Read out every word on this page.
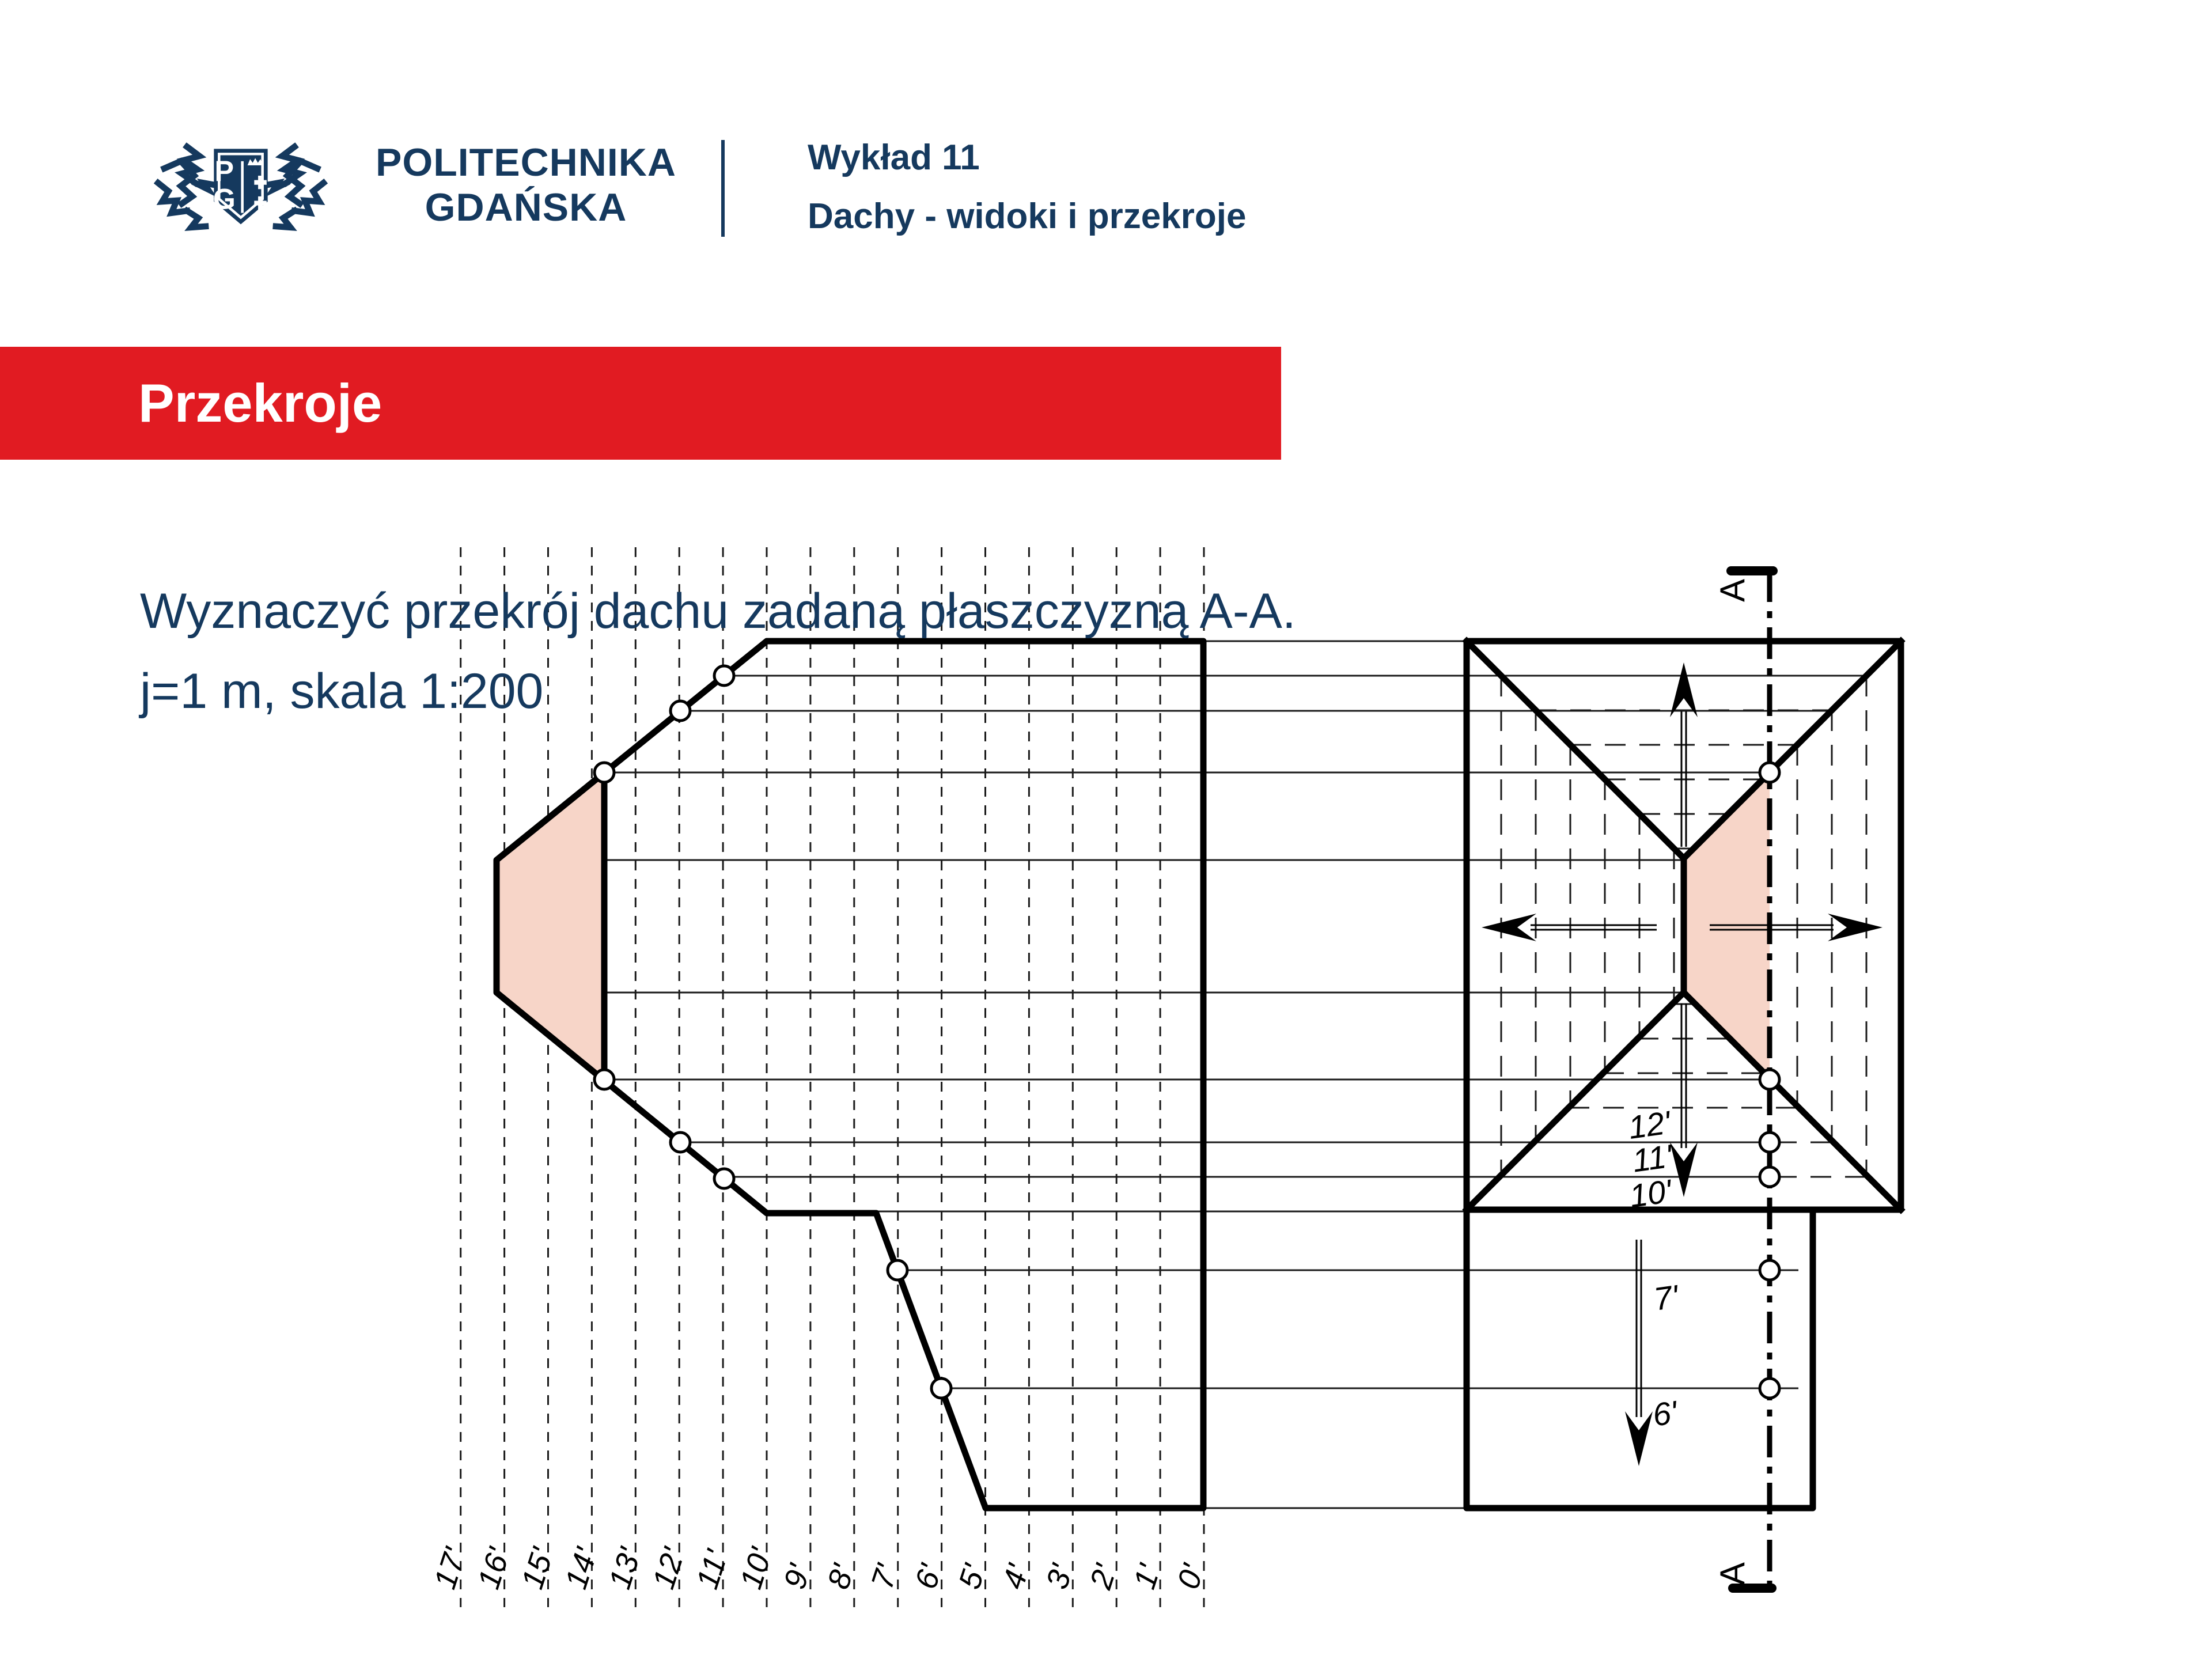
P
G
POLITECHNIKA
GDAŃSKA
Wykład 11
Dachy - widoki i przekroje
Przekroje
Wyznaczyć przekrój dachu zadaną płaszczyzną A-A.
j=1 m, skala 1:200
0'
1'
2'
3'
4'
5'
6'
7'
8'
9'
10'
11'
12'
13'
14'
15'
16'
17'
12'
11'
10'
7'
6'
A
A
